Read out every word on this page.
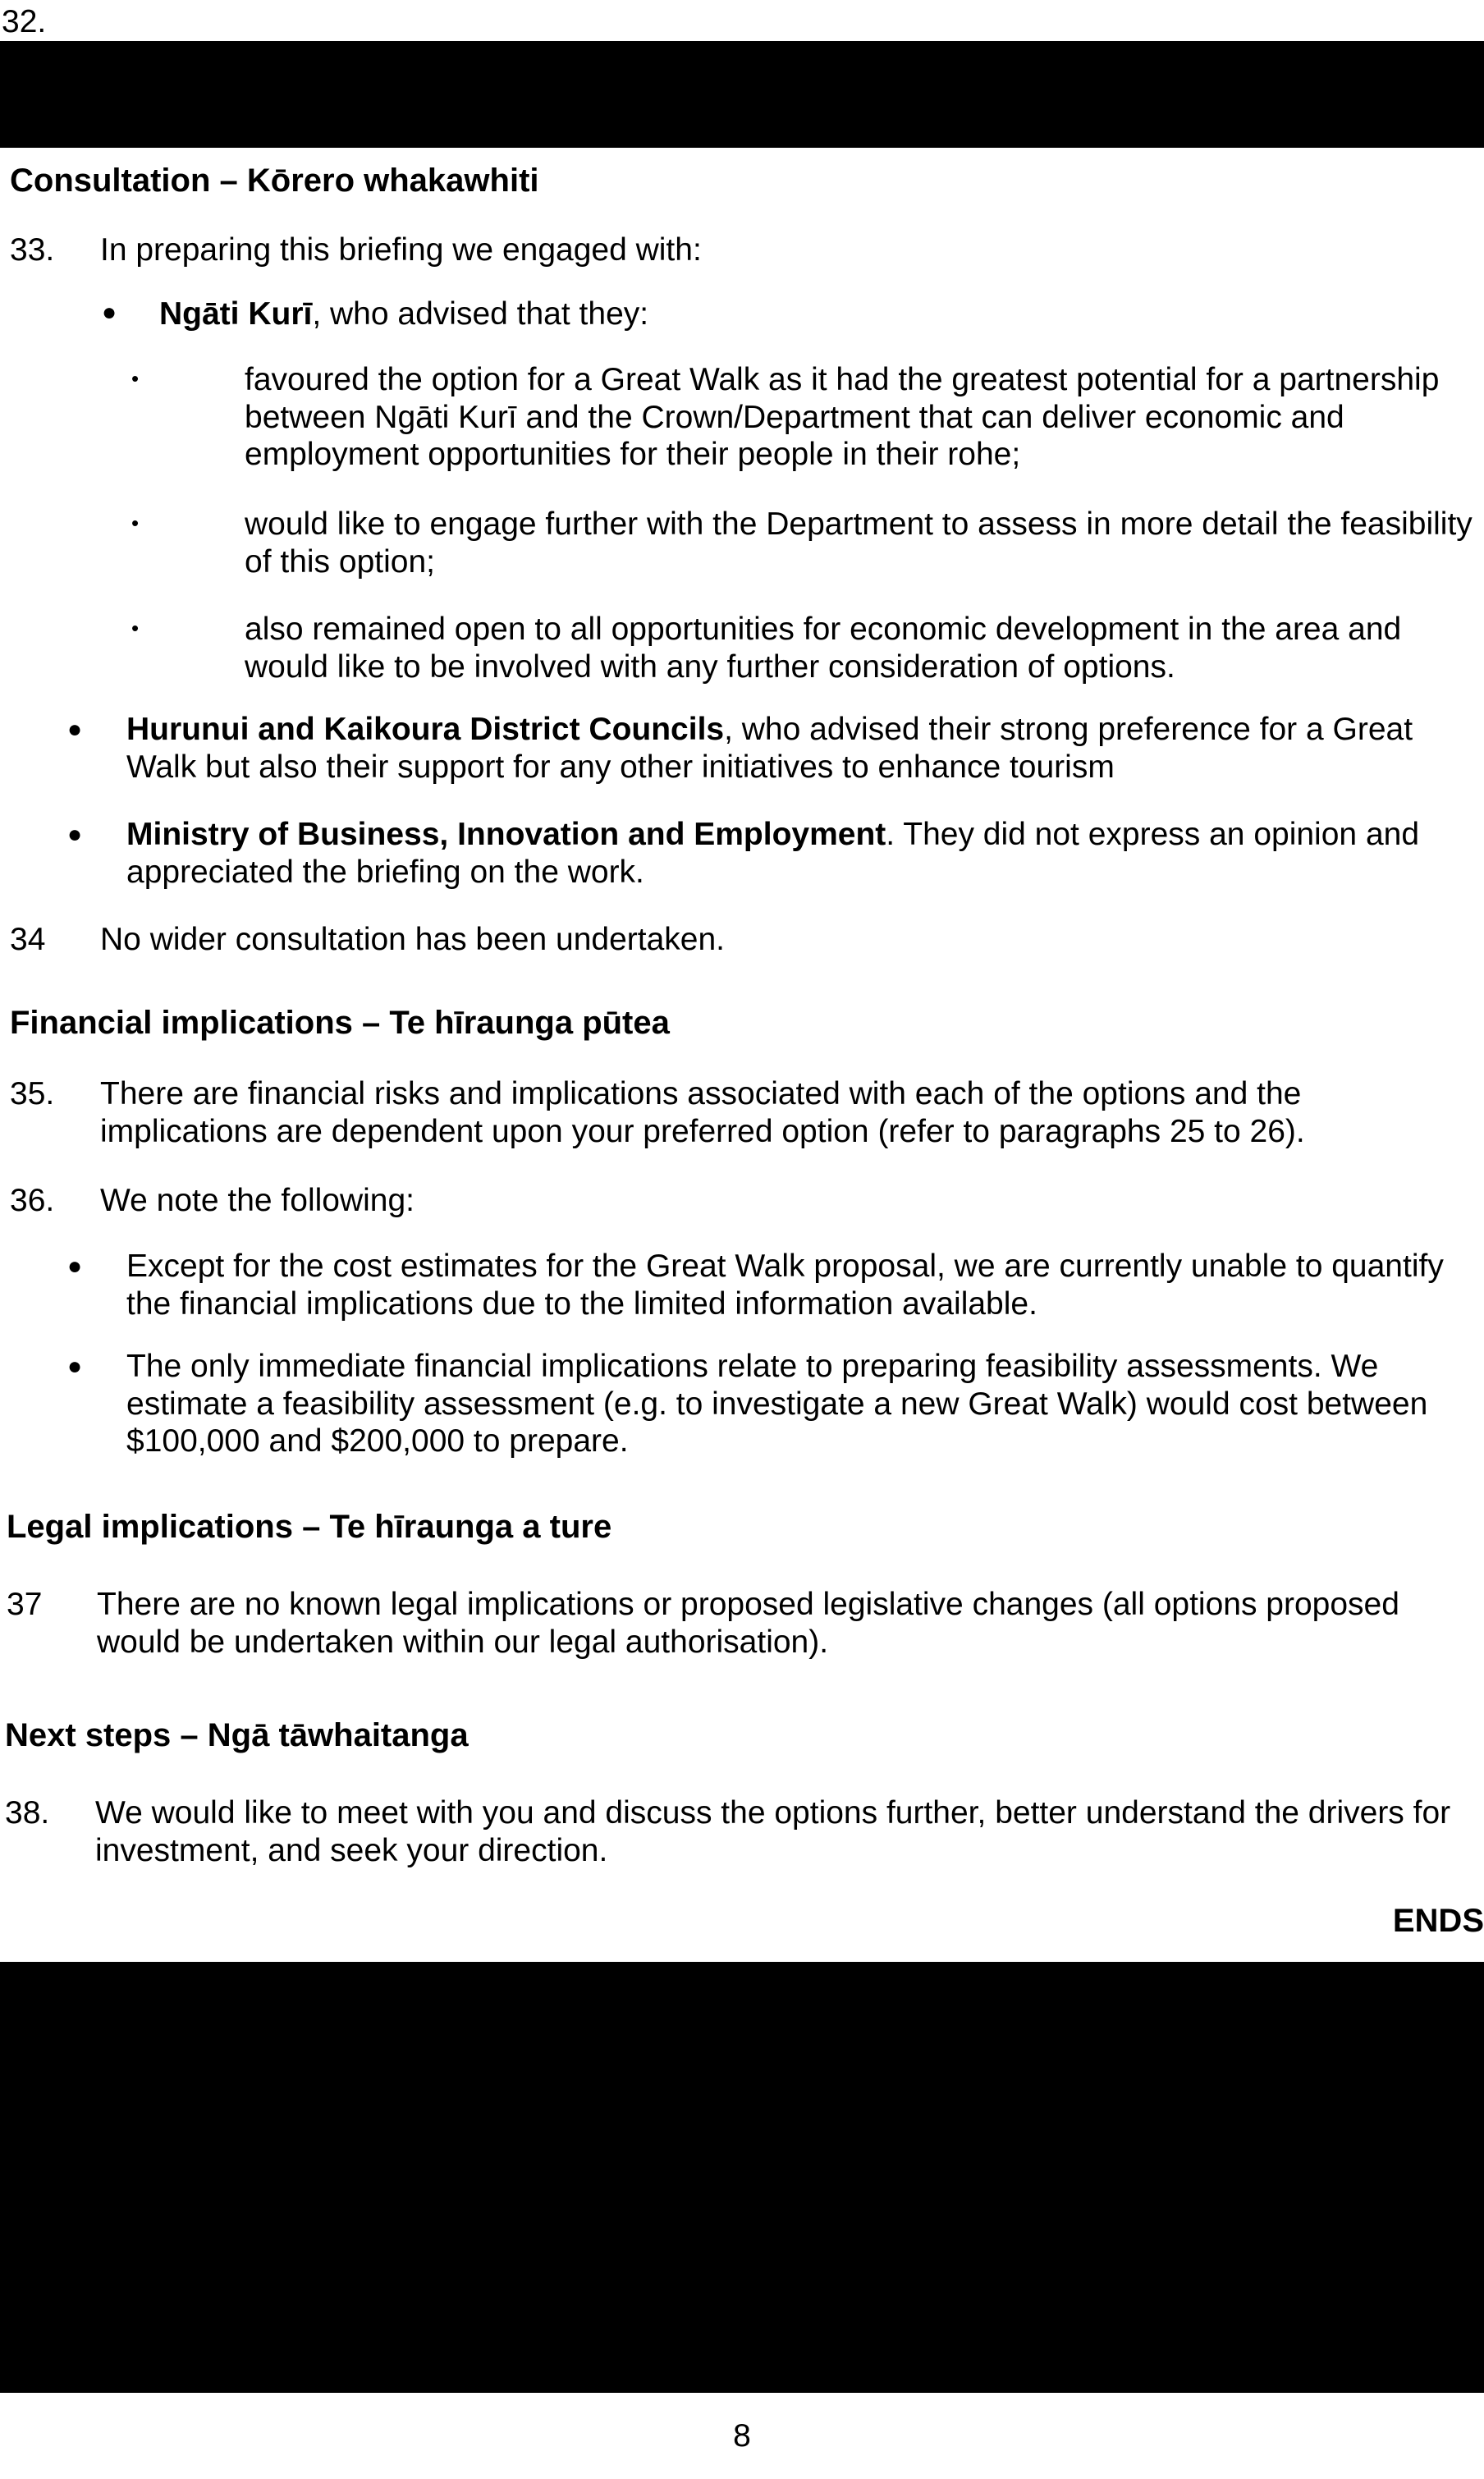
32.
Consultation – Kōrero whakawhiti
33.	In preparing this briefing we engaged with:
● Ngāti Kurī, who advised that they:
•	favoured the option for a Great Walk as it had the greatest potential for a partnership between Ngāti Kurī and the Crown/Department that can deliver economic and employment opportunities for their people in their rohe;
•	would like to engage further with the Department to assess in more detail the feasibility of this option;
•	also remained open to all opportunities for economic development in the area and would like to be involved with any further consideration of options.
● Hurunui and Kaikoura District Councils, who advised their strong preference for a Great Walk but also their support for any other initiatives to enhance tourism
● Ministry of Business, Innovation and Employment. They did not express an opinion and appreciated the briefing on the work.
34	No wider consultation has been undertaken.
Financial implications – Te hīraunga pūtea
35.	There are financial risks and implications associated with each of the options and the implications are dependent upon your preferred option (refer to paragraphs 25 to 26).
36.	We note the following:
● Except for the cost estimates for the Great Walk proposal, we are currently unable to quantify the financial implications due to the limited information available.
● The only immediate financial implications relate to preparing feasibility assessments. We estimate a feasibility assessment (e.g. to investigate a new Great Walk) would cost between $100,000 and $200,000 to prepare.
Legal implications – Te hīraunga a ture
37	There are no known legal implications or proposed legislative changes (all options proposed would be undertaken within our legal authorisation).
Next steps – Ngā tāwhaitanga
38.	We would like to meet with you and discuss the options further, better understand the drivers for investment, and seek your direction.
ENDS
8
